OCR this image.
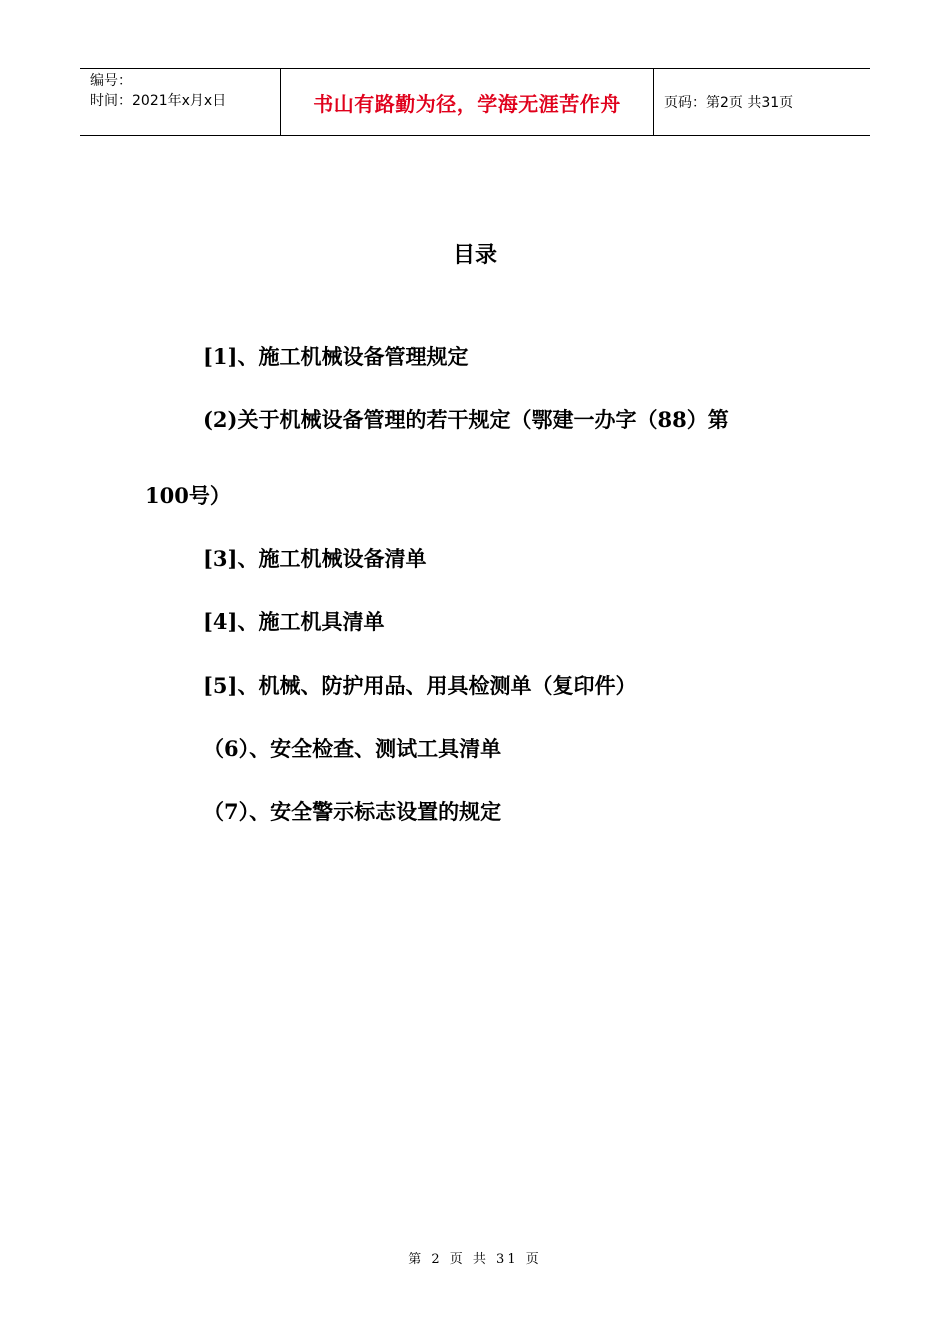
编号：
时间：2021年x月x日	书山有路勤为径，学海无涯苦作舟	页码：第2页 共31页
目录
[1]、施工机械设备管理规定
(2)关于机械设备管理的若干规定（鄂建一办字（88）第
100号）
[3]、施工机械设备清单
[4]、施工机具清单
[5]、机械、防护用品、用具检测单（复印件）
（6）、安全检查、测试工具清单
（7）、安全警示标志设置的规定
第 2 页 共 31 页
